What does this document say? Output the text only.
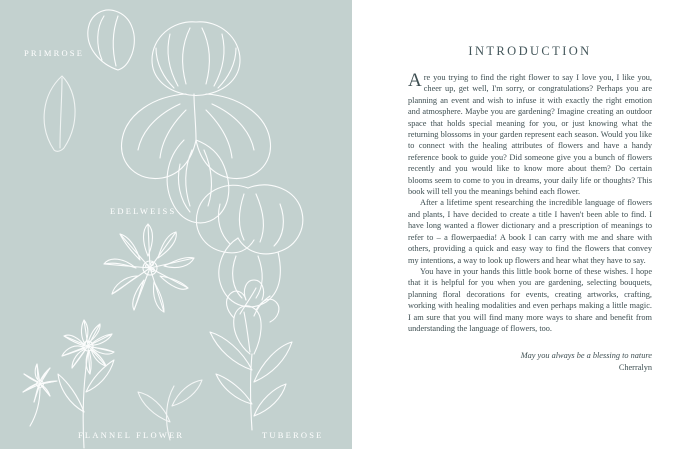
PRIMROSE
EDELWEISS
FLANNEL FLOWER	TUBEROSE
INTRODUCTION

Are you trying to find the right flower to say I love you, I like you, cheer up, get well, I'm sorry, or congratulations? Perhaps you are planning an event and wish to infuse it with exactly the right emotion and atmosphere. Maybe you are gardening? Imagine creating an outdoor space that holds special meaning for you, or just knowing what the returning blossoms in your garden represent each season. Would you like to connect with the healing attributes of flowers and have a handy reference book to guide you? Did someone give you a bunch of flowers recently and you would like to know more about them? Do certain blooms seem to come to you in dreams, your daily life or thoughts? This book will tell you the meanings behind each flower.

After a lifetime spent researching the incredible language of flowers and plants, I have decided to create a title I haven't been able to find. I have long wanted a flower dictionary and a prescription of meanings to refer to – a flowerpaedia! A book I can carry with me and share with others, providing a quick and easy way to find the flowers that convey my intentions, a way to look up flowers and hear what they have to say.

You have in your hands this little book borne of these wishes. I hope that it is helpful for you when you are gardening, selecting bouquets, planning floral decorations for events, creating artworks, crafting, working with healing modalities and even perhaps making a little magic. I am sure that you will find many more ways to share and benefit from understanding the language of flowers, too.

May you always be a blessing to nature
Cherralyn
